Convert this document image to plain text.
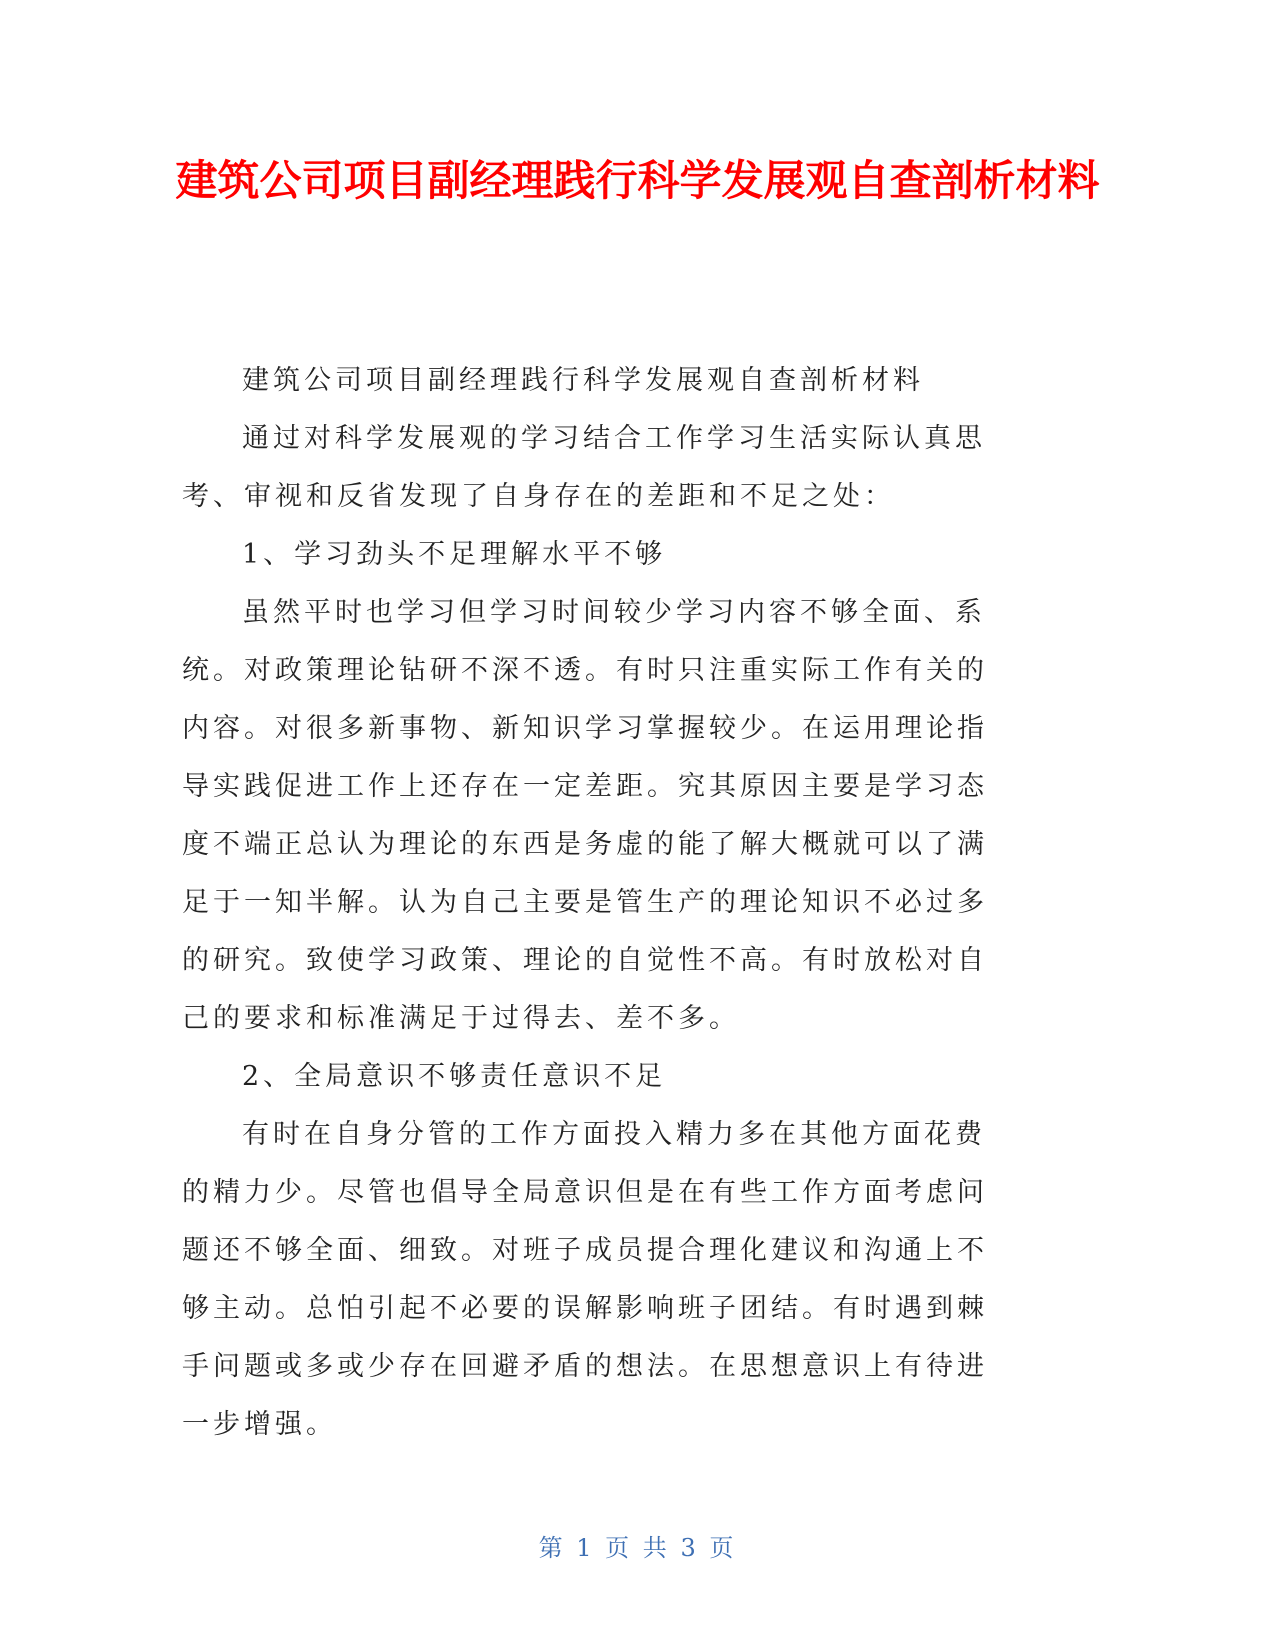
建筑公司项目副经理践行科学发展观自查剖析材料

建筑公司项目副经理践行科学发展观自查剖析材料

通过对科学发展观的学习结合工作学习生活实际认真思考、审视和反省发现了自身存在的差距和不足之处：

1、学习劲头不足理解水平不够

虽然平时也学习但学习时间较少学习内容不够全面、系统。对政策理论钻研不深不透。有时只注重实际工作有关的内容。对很多新事物、新知识学习掌握较少。在运用理论指导实践促进工作上还存在一定差距。究其原因主要是学习态度不端正总认为理论的东西是务虚的能了解大概就可以了满足于一知半解。认为自己主要是管生产的理论知识不必过多的研究。致使学习政策、理论的自觉性不高。有时放松对自己的要求和标准满足于过得去、差不多。

2、全局意识不够责任意识不足

有时在自身分管的工作方面投入精力多在其他方面花费的精力少。尽管也倡导全局意识但是在有些工作方面考虑问题还不够全面、细致。对班子成员提合理化建议和沟通上不够主动。总怕引起不必要的误解影响班子团结。有时遇到棘手问题或多或少存在回避矛盾的想法。在思想意识上有待进一步增强。

第 1 页 共 3 页
